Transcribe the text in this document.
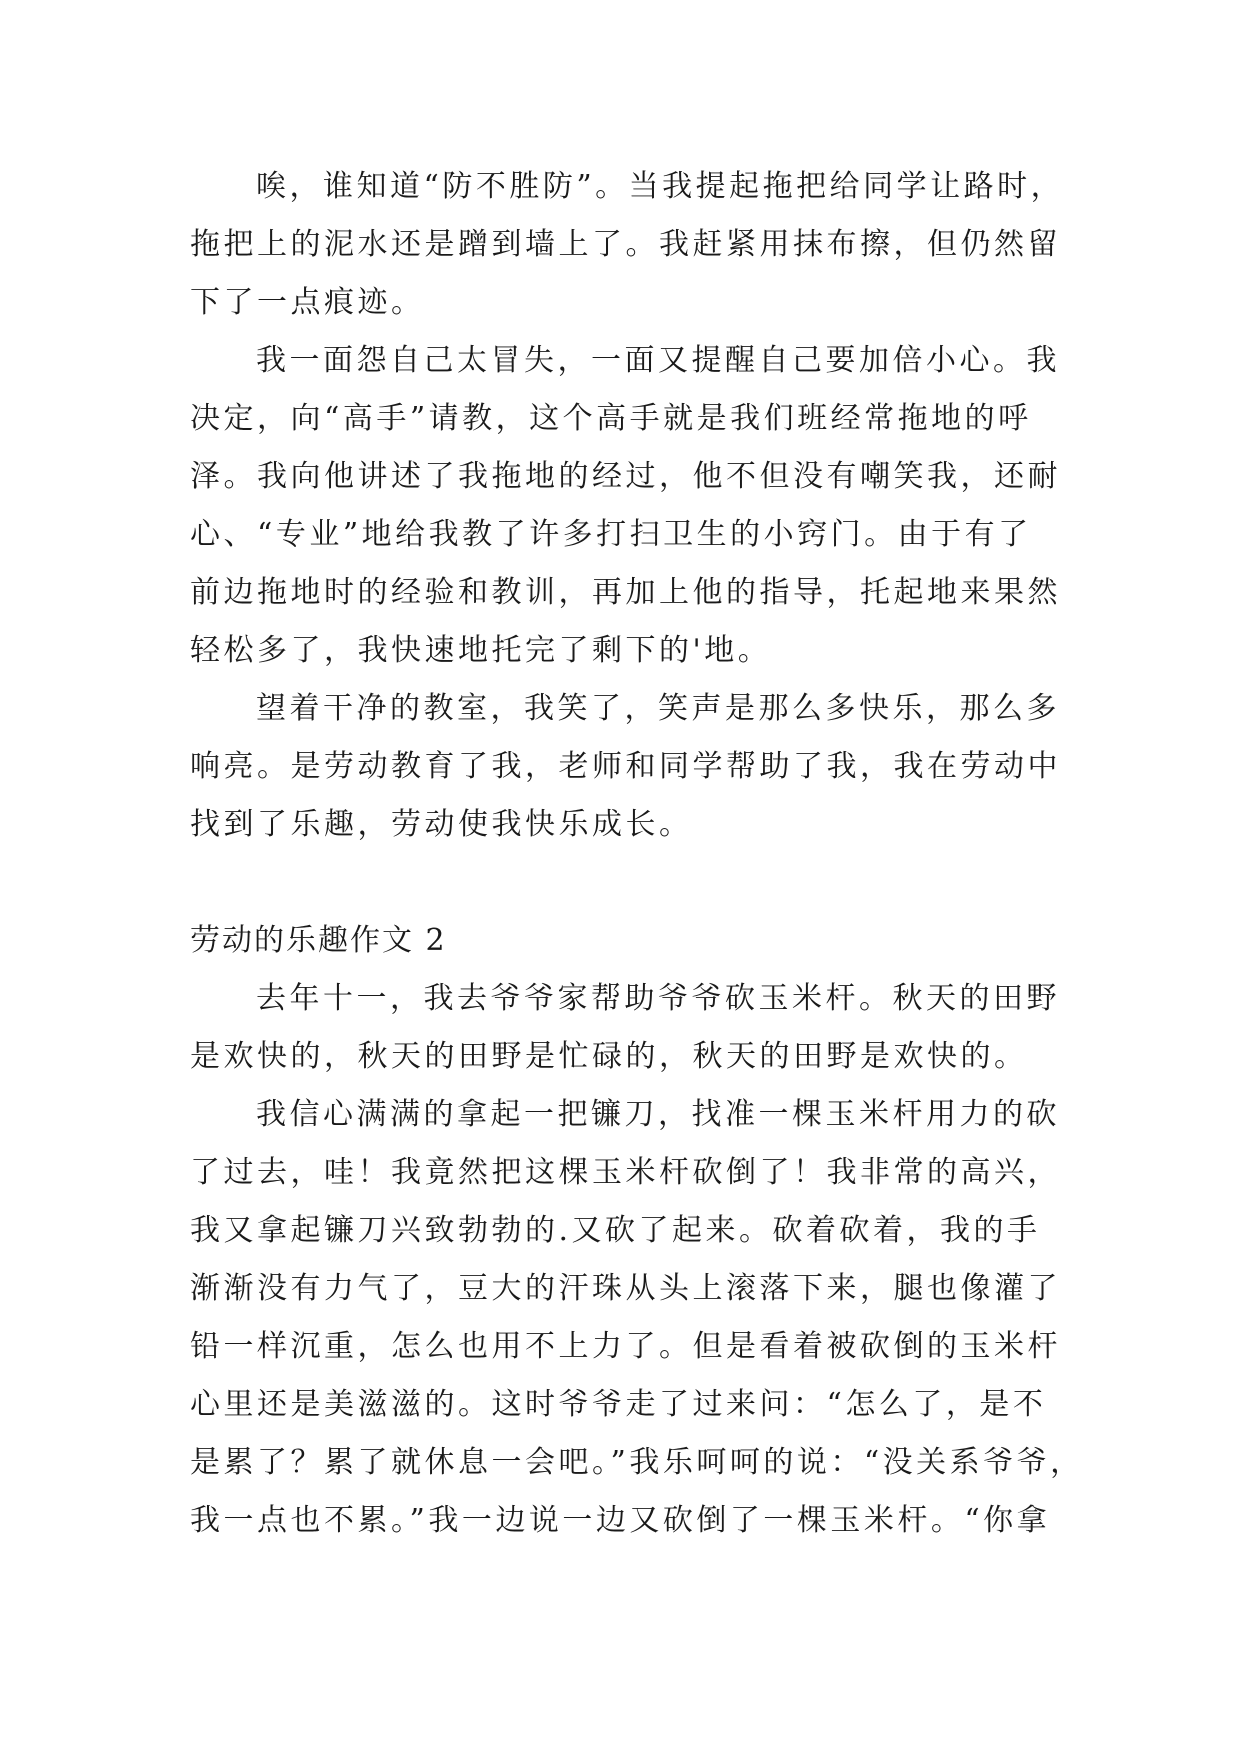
唉，谁知道“防不胜防”。当我提起拖把给同学让路时，
拖把上的泥水还是蹭到墙上了。我赶紧用抹布擦，但仍然留
下了一点痕迹。
我一面怨自己太冒失，一面又提醒自己要加倍小心。我
决定，向“高手”请教，这个高手就是我们班经常拖地的呼
泽。我向他讲述了我拖地的经过，他不但没有嘲笑我，还耐
心、“专业”地给我教了许多打扫卫生的小窍门。由于有了
前边拖地时的经验和教训，再加上他的指导，托起地来果然
轻松多了，我快速地托完了剩下的'地。
望着干净的教室，我笑了，笑声是那么多快乐，那么多
响亮。是劳动教育了我，老师和同学帮助了我，我在劳动中
找到了乐趣，劳动使我快乐成长。
劳动的乐趣作文 2
去年十一，我去爷爷家帮助爷爷砍玉米杆。秋天的田野
是欢快的，秋天的田野是忙碌的，秋天的田野是欢快的。
我信心满满的拿起一把镰刀，找准一棵玉米杆用力的砍
了过去，哇！我竟然把这棵玉米杆砍倒了！我非常的高兴，
我又拿起镰刀兴致勃勃的.又砍了起来。砍着砍着，我的手
渐渐没有力气了，豆大的汗珠从头上滚落下来，腿也像灌了
铅一样沉重，怎么也用不上力了。但是看着被砍倒的玉米杆
心里还是美滋滋的。这时爷爷走了过来问：“怎么了，是不
是累了？累了就休息一会吧。”我乐呵呵的说：“没关系爷爷，
我一点也不累。”我一边说一边又砍倒了一棵玉米杆。“你拿
